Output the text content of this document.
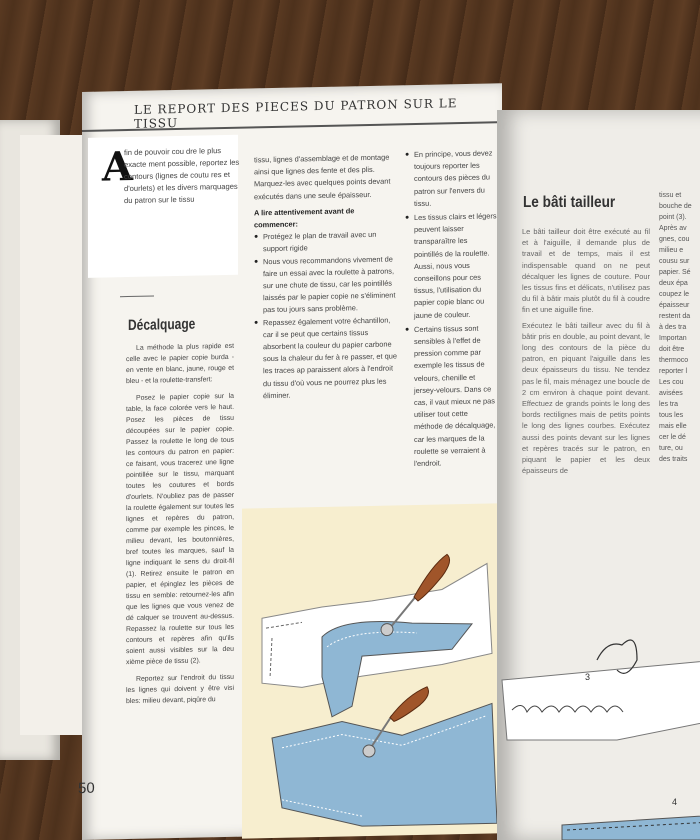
LE REPORT DES PIECES DU PATRON SUR LE TISSU
A
fin de pouvoir cou dre le plus exacte ment possible, reportez les contours (lignes de coutu res et d'ourlets) et les divers marquages du patron sur le tissu
Décalquage

La méthode la plus rapide est celle avec le papier copie burda - en vente en blanc, jaune, rouge et bleu - et la roulette-transfert:

Posez le papier copie sur la table, la face colorée vers le haut. Posez les pièces de tissu découpées sur le papier copie. Passez la roulette le long de tous les contours du patron en papier: ce faisant, vous tracerez une ligne pointillée sur le tissu, marquant toutes les coutures et bords d'ourlets. N'oubliez pas de passer la roulette également sur toutes les lignes et repères du patron, comme par exemple les pinces, le milieu devant, les boutonnières, bref toutes les marques, sauf la ligne indiquant le sens du droit-fil (1). Retirez ensuite le patron en papier, et épinglez les pièces de tissu en semble: retournez-les afin que les lignes que vous venez de dé calquer se trouvent au-dessus. Repassez la roulette sur tous les contours et repères afin qu'ils soient aussi visibles sur la deu xième pièce de tissu (2).

Reportez sur l'endroit du tissu les lignes qui doivent y être visi bles: milieu devant, piqûre du

tissu, lignes d'assemblage et de montage ainsi que lignes des fente et des plis. Marquez-les avec quelques points devant exécutés dans une seule épaisseur.

A lire attentivement avant de commencer:

● Protégez le plan de travail avec un support rigide

● Nous vous recommandons vivement de faire un essai avec la roulette à patrons, sur une chute de tissu, car les pointillés laissés par le papier copie ne s'éliminent pas tou jours sans problème.

● Repassez également votre échantillon, car il se peut que certains tissus absorbent la couleur du papier carbone sous la chaleur du fer à re passer, et que les traces ap paraissent alors à l'endroit du tissu d'où vous ne pourrez plus les éliminer.

● En principe, vous devez toujours reporter les contours des pièces du patron sur l'envers du tissu.
● Les tissus clairs et légers peuvent laisser transparaître les pointillés de la roulette. Aussi, nous vous conseillons pour ces tissus, l'utilisation du papier copie blanc ou jaune de couleur.
● Certains tissus sont sensibles à l'effet de pression comme par exemple les tissus de velours, chenille et jersey-velours. Dans ce cas, il vaut mieux ne pas utiliser tout cette méthode de décalquage, car les marques de la roulette se verraient à l'endroit.
50
Le bâti tailleur

Le bâti tailleur doit être exécuté au fil et à l'aiguille, il demande plus de travail et de temps, mais il est indispensable quand on ne peut décalquer les lignes de couture. Pour les tissus fins et délicats, n'utilisez pas du fil à bâtir mais plutôt du fil à coudre fin et une aiguille fine.

Exécutez le bâti tailleur avec du fil à bâtir pris en double, au point devant, le long des contours de la pièce du patron, en piquant l'aiguille dans les deux épaisseurs du tissu. Ne tendez pas le fil, mais ménagez une boucle de 2 cm environ à chaque point devant. Effectuez de grands points le long des bords rectilignes mais de petits points le long des lignes courbes. Exécutez aussi des points devant sur les lignes et repères tracés sur le patron, en piquant le papier et les deux épaisseurs de

tissu et

bouche de

point (3).

Après av

gnes, cou

milieu e

cousu sur

papier. Sé

deux épa

coupez le

épaisseur

restent da

à des tra

Importan

doit être

thermoco

reporter l

Les cou

avisées

les tra

tous les

mais elle

cer le dé

ture, ou

des traits

3
4
